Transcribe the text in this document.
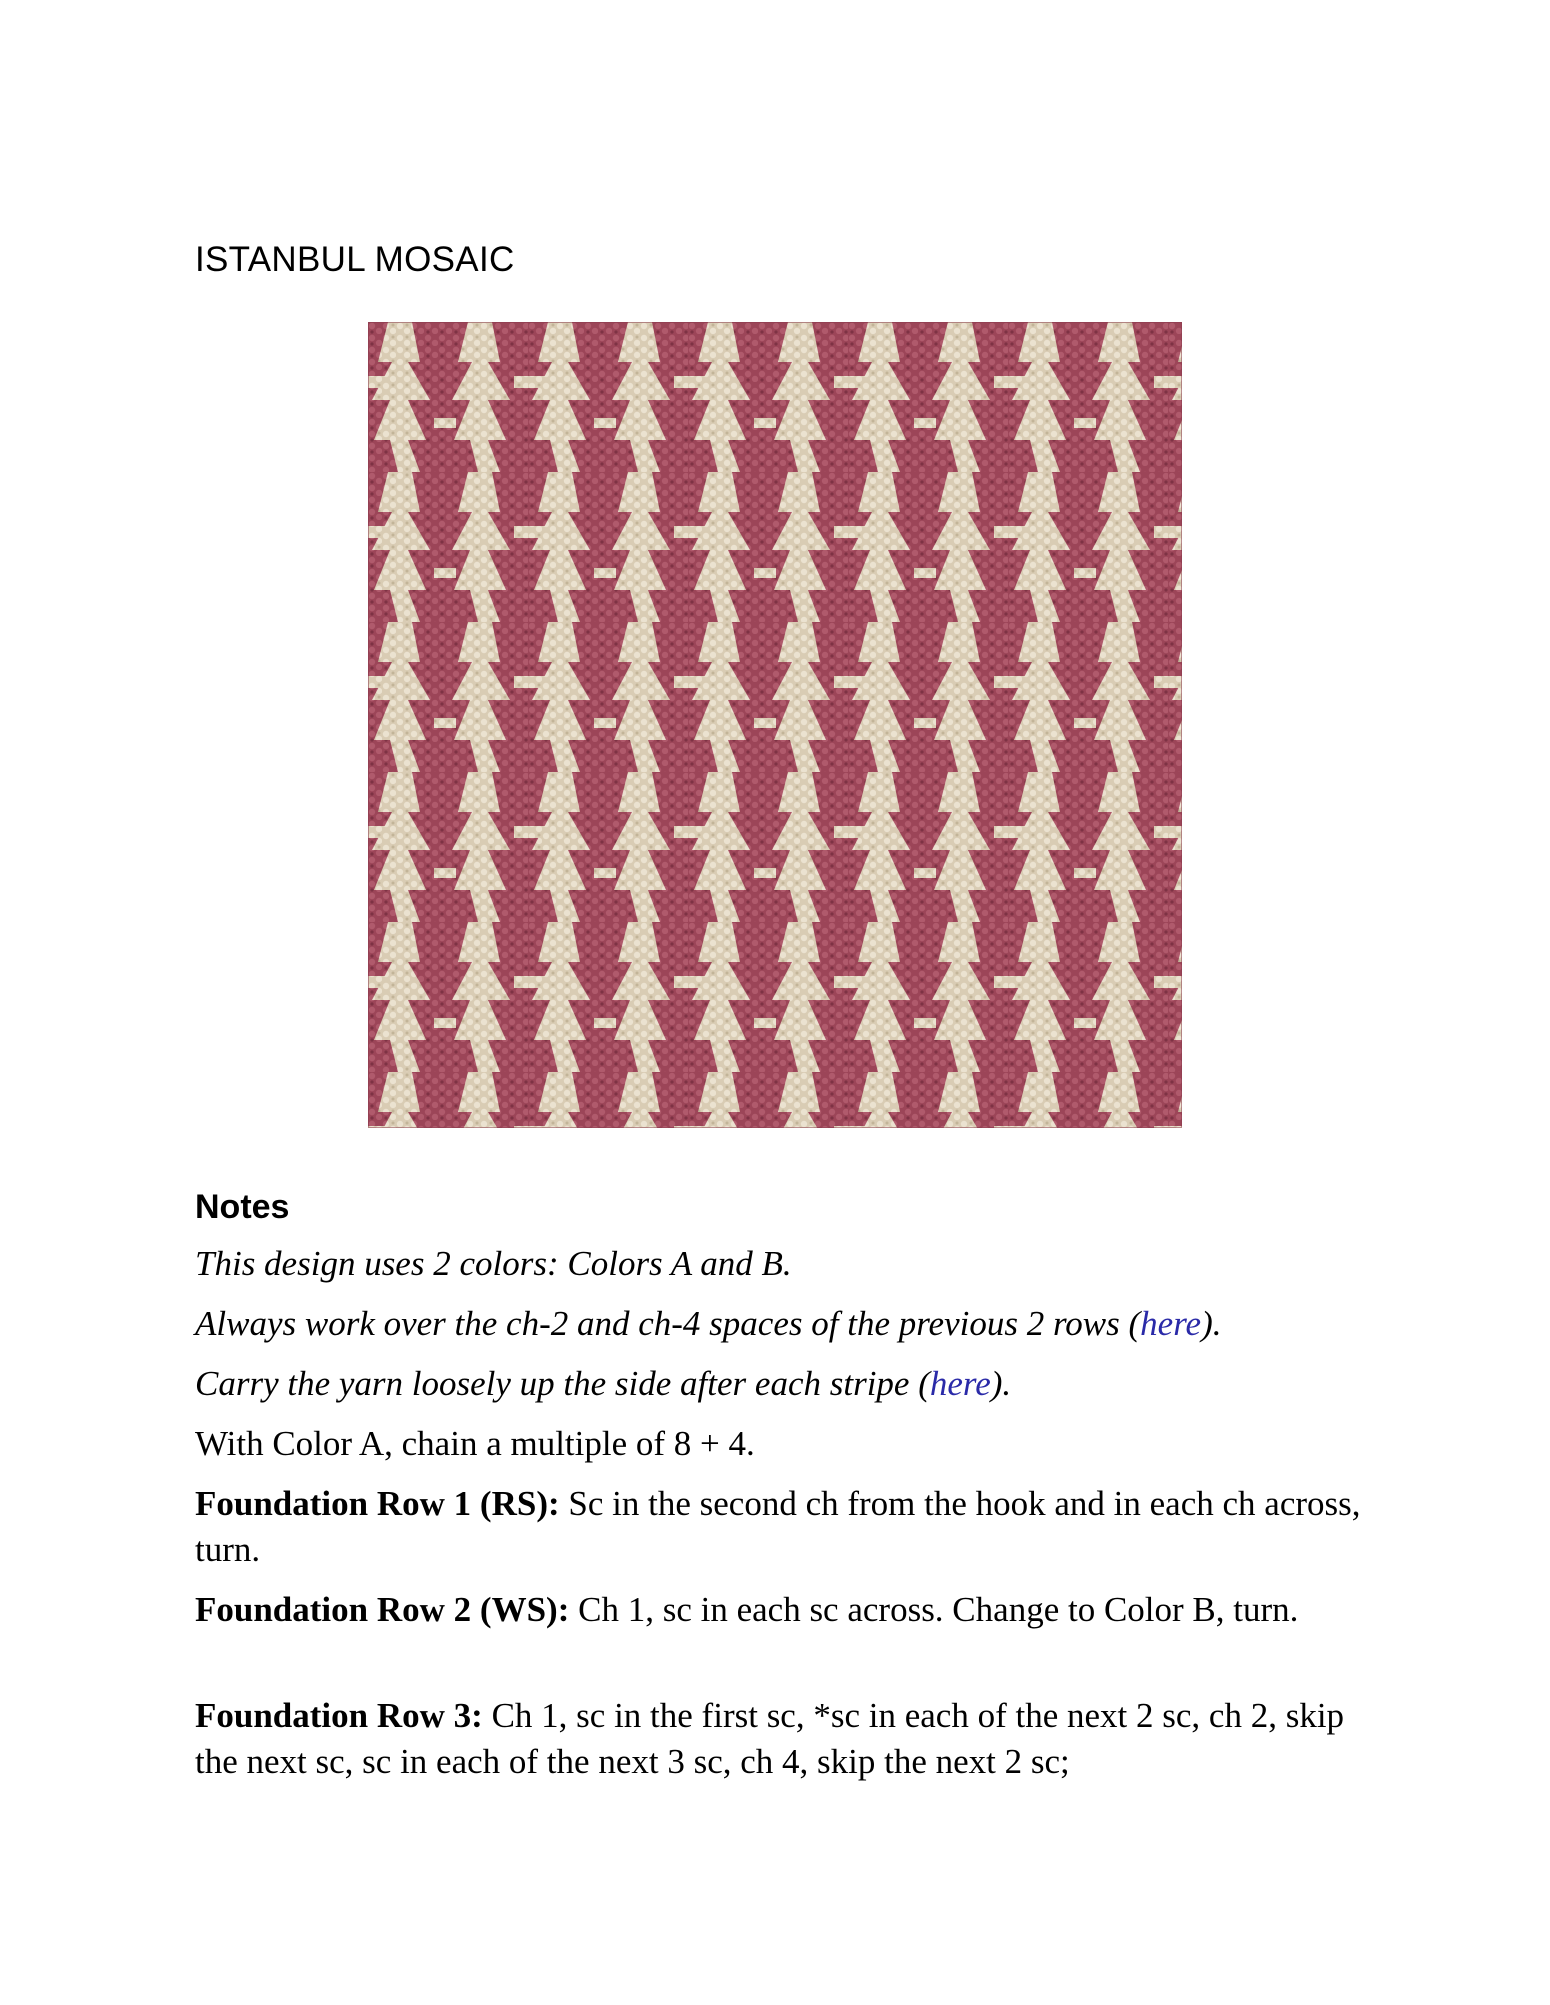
ISTANBUL MOSAIC
Notes

This design uses 2 colors: Colors A and B.

Always work over the ch-2 and ch-4 spaces of the previous 2 rows (here).

Carry the yarn loosely up the side after each stripe (here).

With Color A, chain a multiple of 8 + 4.

Foundation Row 1 (RS): Sc in the second ch from the hook and in each ch across, turn.

Foundation Row 2 (WS): Ch 1, sc in each sc across. Change to Color B, turn.

Foundation Row 3: Ch 1, sc in the first sc, *sc in each of the next 2 sc, ch 2, skip the next sc, sc in each of the next 3 sc, ch 4, skip the next 2 sc;
